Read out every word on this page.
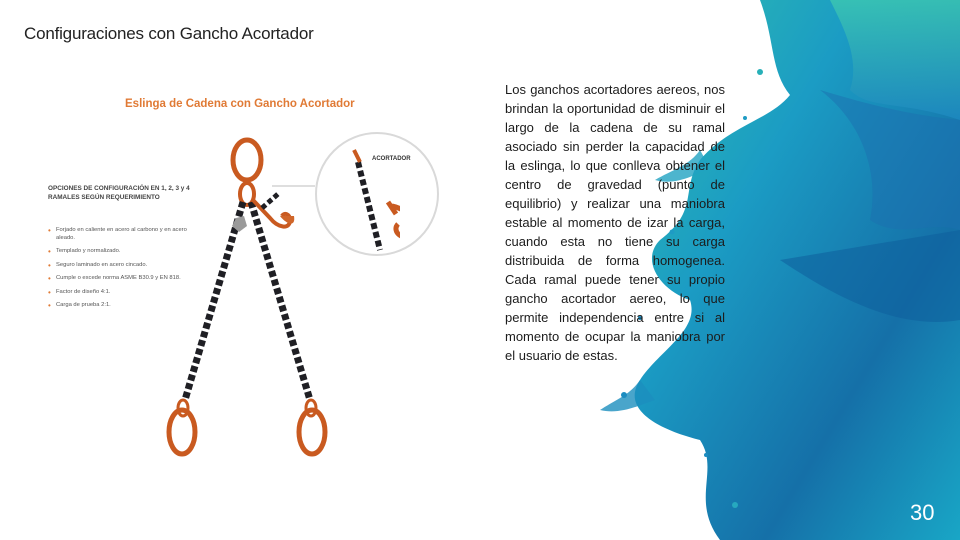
Configuraciones con Gancho Acortador
Eslinga de Cadena con Gancho Acortador
OPCIONES DE CONFIGURACIÓN EN 1, 2, 3 y 4 RAMALES SEGÚN REQUERIMIENTO
• Forjado en caliente en acero al carbono y en acero aleado.
• Templado y normalizado.
• Seguro laminado en acero cincado.
• Cumple o excede norma ASME B30.9 y EN 818.
• Factor de diseño 4:1.
• Carga de prueba 2:1.
ACORTADOR
Los ganchos acortadores aereos, nos brindan la oportunidad de disminuir el largo de la cadena de su ramal asociado sin perder la capacidad de la eslinga, lo que conlleva obtener el centro de gravedad (punto de equilibrio) y realizar una maniobra estable al momento de izar la carga, cuando esta no tiene su carga distribuida de forma homogenea. Cada ramal puede tener su propio gancho acortador aereo, lo que permite independencia entre si al momento de ocupar la maniobra por el usuario de estas.
30
